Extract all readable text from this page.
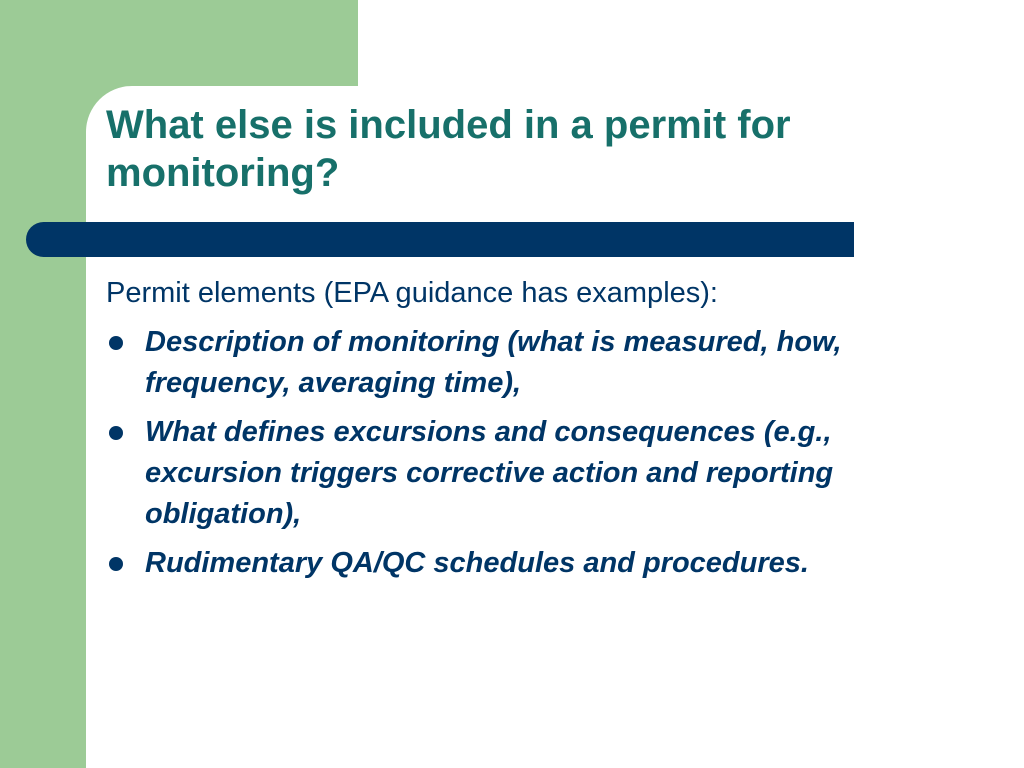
What else is included in a permit for monitoring?

Permit elements (EPA guidance has examples):

Description of monitoring (what is measured, how, frequency, averaging time),
What defines excursions and consequences (e.g., excursion triggers corrective action and reporting obligation),
Rudimentary QA/QC schedules and procedures.
